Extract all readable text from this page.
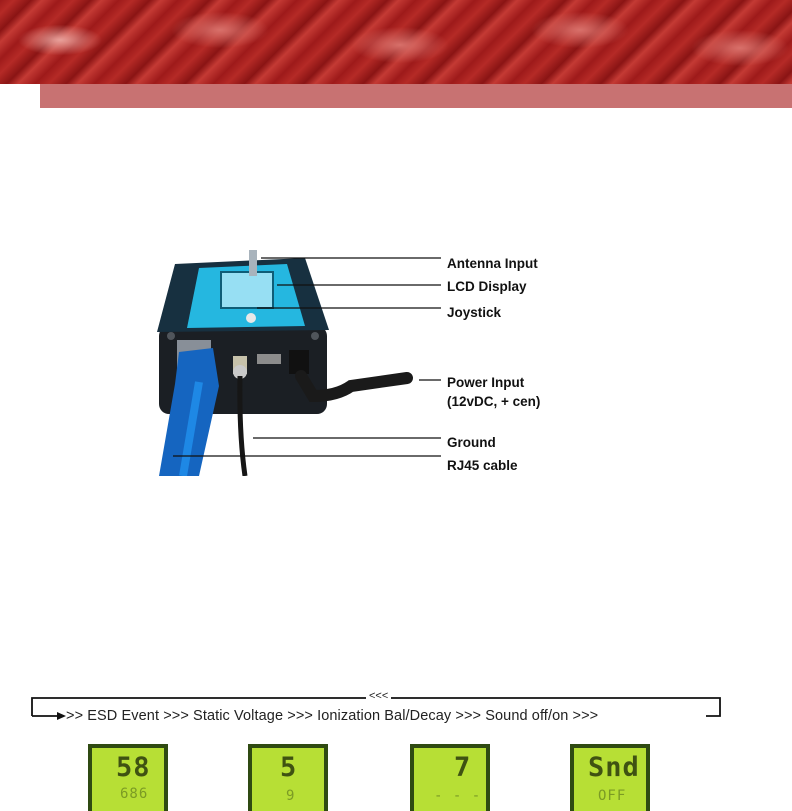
Antenna Input
LCD Display
Joystick
Power Input
(12vDC, + cen)
Ground
RJ45 cable
<<<
>> ESD Event >>> Static Voltage >>> Ionization Bal/Decay >>> Sound off/on >>>
58
686
5
9
7
- - -
Snd
OFF
